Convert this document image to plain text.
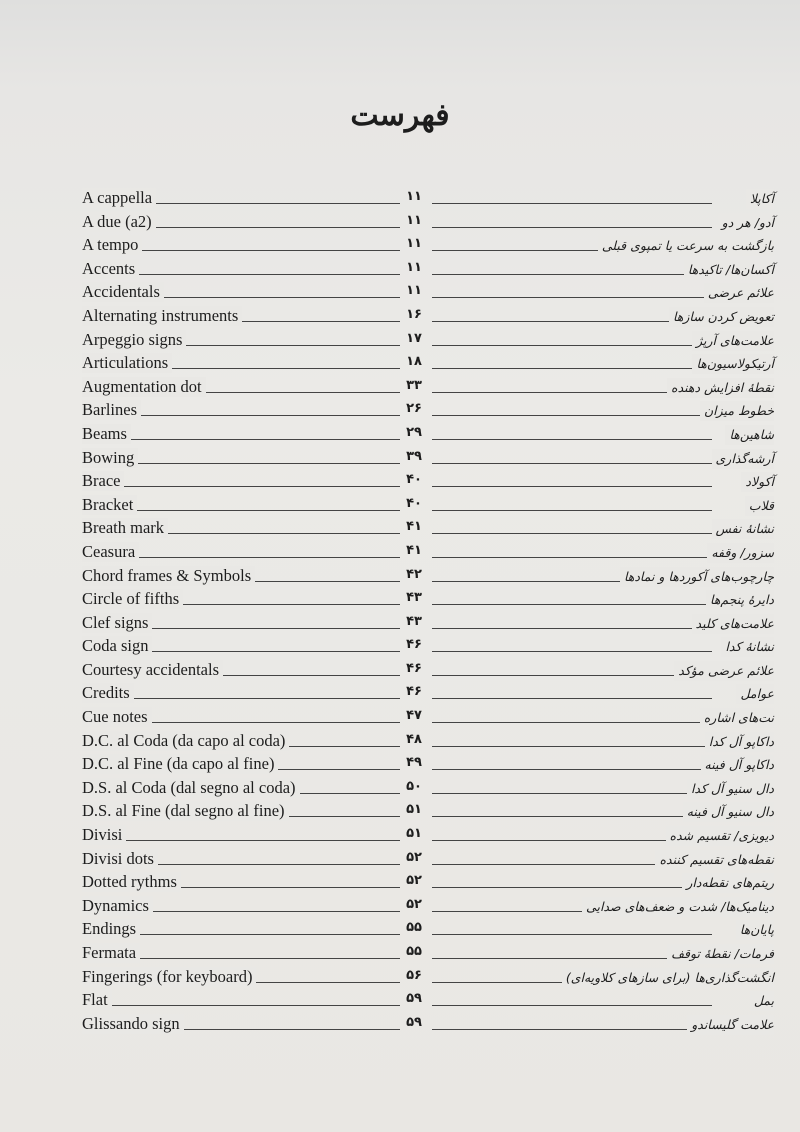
فهرست
A cappella	۱۱	آکاپلا
A due (a2)	۱۱	آدو/ هر دو
A tempo	۱۱	بازگشت به سرعت یا تمپوی قبلی
Accents	۱۱	آکسان‌ها/ تاکیدها
Accidentals	۱۱	علائم عرضی
Alternating instruments	۱۶	تعویض کردن سازها
Arpeggio signs	۱۷	علامت‌های آرپژ
Articulations	۱۸	آرتیکولاسیون‌ها
Augmentation dot	۳۳	نقطهٔ افزایش دهنده
Barlines	۲۶	خطوط میزان
Beams	۲۹	شاهین‌ها
Bowing	۳۹	آرشه‌گذاری
Brace	۴۰	آکولاد
Bracket	۴۰	قلاب
Breath mark	۴۱	نشانهٔ نفس
Ceasura	۴۱	سزور/ وقفه
Chord frames & Symbols	۴۲	چارچوب‌های آکوردها و نمادها
Circle of fifths	۴۳	دایرهٔ پنجم‌ها
Clef signs	۴۳	علامت‌های کلید
Coda sign	۴۶	نشانهٔ کدا
Courtesy accidentals	۴۶	علائم عرضی مؤکد
Credits	۴۶	عوامل
Cue notes	۴۷	نت‌های اشاره
D.C. al Coda (da capo al coda)	۴۸	داکاپو آل کدا
D.C. al Fine (da capo al fine)	۴۹	داکاپو آل فینه
D.S. al Coda (dal segno al coda)	۵۰	دال سنیو آل کدا
D.S. al Fine (dal segno al fine)	۵۱	دال سنیو آل فینه
Divisi	۵۱	دیویزی/ تقسیم شده
Divisi dots	۵۲	نقطه‌های تقسیم کننده
Dotted rythms	۵۲	ریتم‌های نقطه‌دار
Dynamics	۵۲	دینامیک‌ها/ شدت و ضعف‌های صدایی
Endings	۵۵	پایان‌ها
Fermata	۵۵	فرمات/ نقطهٔ توقف
Fingerings (for keyboard)	۵۶	انگشت‌گذاری‌ها (برای سازهای کلاویه‌ای)
Flat	۵۹	بمل
Glissando sign	۵۹	علامت گلیساندو
